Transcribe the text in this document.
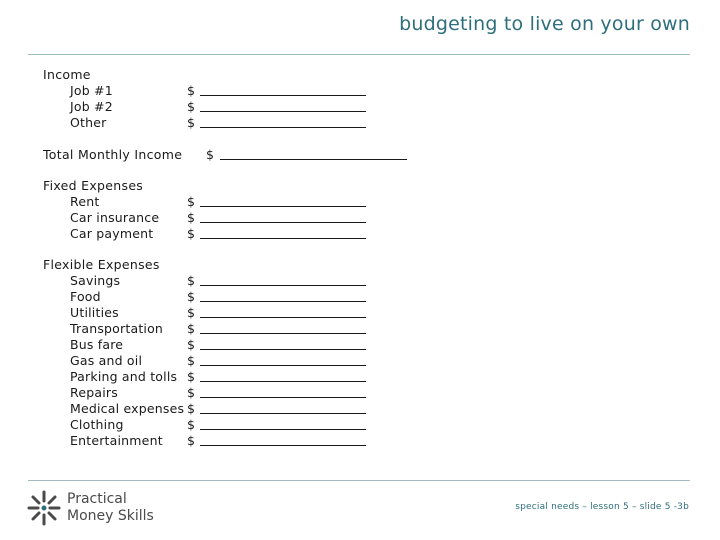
budgeting to live on your own
Income
Job #1	$
Job #2	$
Other	$
Total Monthly Income $
Fixed Expenses
Rent	$
Car insurance $
Car payment	$
Flexible Expenses
Savings	$
Food	$
Utilities	$
Transportation $
Bus fare	$
Gas and oil	$
Parking and tolls $
Repairs	$
Medical expenses $
Clothing	$
Entertainment $
Practical
Money Skills
special needs – lesson 5 – slide 5 -3b
